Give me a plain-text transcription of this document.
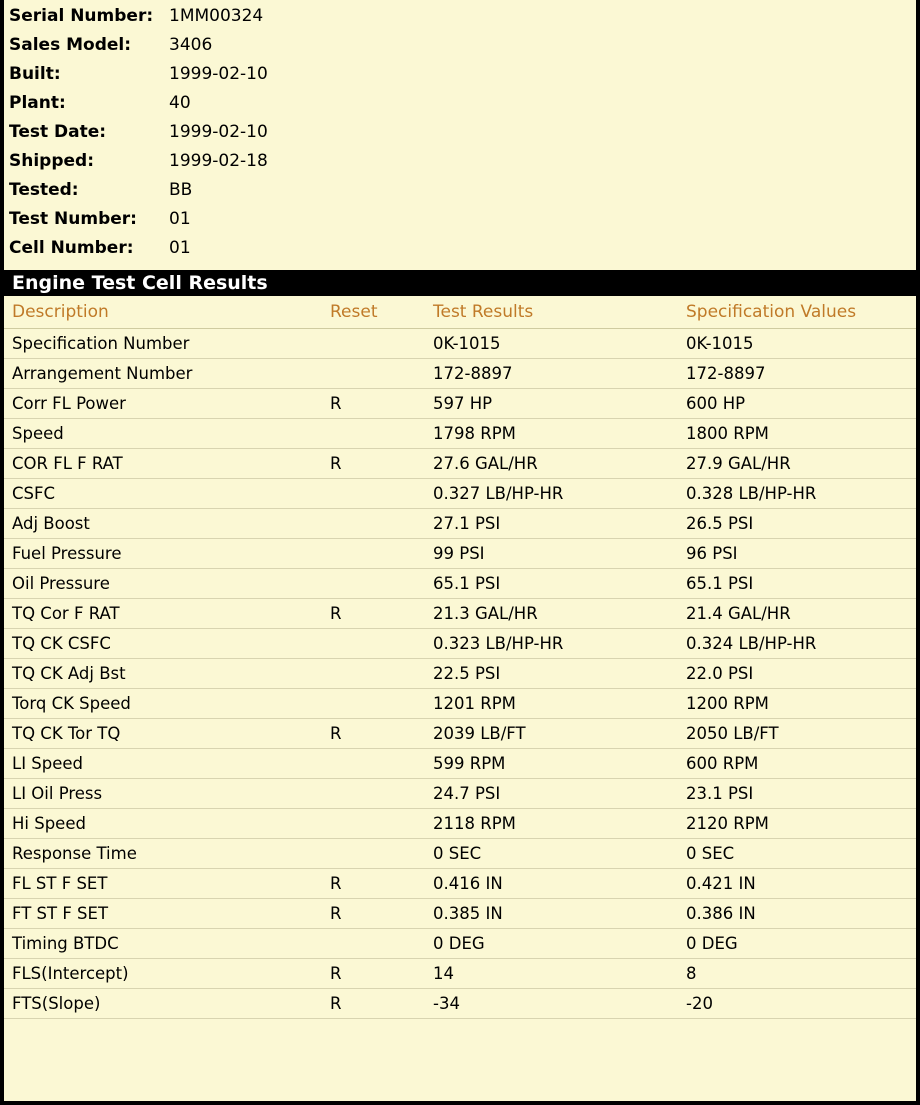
Serial Number: 1MM00324
Sales Model:	3406
Built:	1999-02-10
Plant:	40
Test Date:	1999-02-10
Shipped:	1999-02-18
Tested:	BB
Test Number:	01
Cell Number:	01
Engine Test Cell Results
Description	Reset	Test Results	Specification Values
Specification Number		0K-1015	0K-1015
Arrangement Number		172-8897	172-8897
Corr FL Power	R	597 HP	600 HP
Speed		1798 RPM	1800 RPM
COR FL F RAT	R	27.6 GAL/HR	27.9 GAL/HR
CSFC		0.327 LB/HP-HR	0.328 LB/HP-HR
Adj Boost		27.1 PSI	26.5 PSI
Fuel Pressure		99 PSI	96 PSI
Oil Pressure		65.1 PSI	65.1 PSI
TQ Cor F RAT	R	21.3 GAL/HR	21.4 GAL/HR
TQ CK CSFC		0.323 LB/HP-HR	0.324 LB/HP-HR
TQ CK Adj Bst		22.5 PSI	22.0 PSI
Torq CK Speed		1201 RPM	1200 RPM
TQ CK Tor TQ	R	2039 LB/FT	2050 LB/FT
LI Speed		599 RPM	600 RPM
LI Oil Press		24.7 PSI	23.1 PSI
Hi Speed		2118 RPM	2120 RPM
Response Time		0 SEC	0 SEC
FL ST F SET	R	0.416 IN	0.421 IN
FT ST F SET	R	0.385 IN	0.386 IN
Timing BTDC		0 DEG	0 DEG
FLS(Intercept)	R	14	8
FTS(Slope)	R	-34	-20
